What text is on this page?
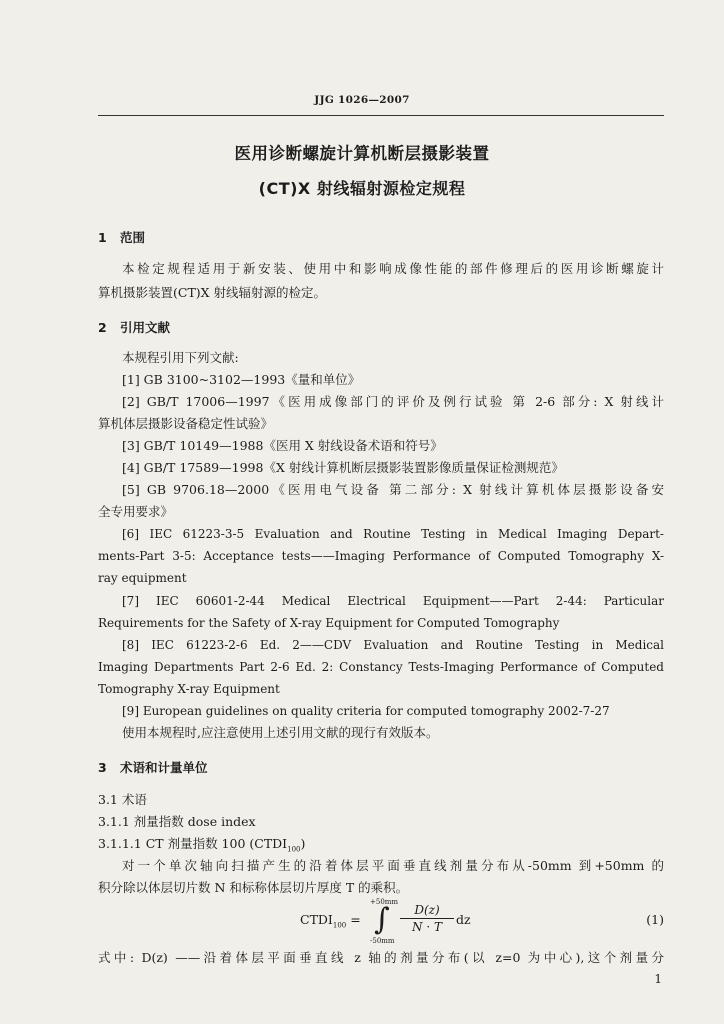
JJG 1026—2007
医用诊断螺旋计算机断层摄影装置
(CT)X 射线辐射源检定规程
1 范围
本检定规程适用于新安装、使用中和影响成像性能的部件修理后的医用诊断螺旋计
算机摄影装置(CT)X 射线辐射源的检定。
2 引用文献
本规程引用下列文献:
[1] GB 3100~3102—1993《量和单位》
[2] GB/T 17006—1997《医用成像部门的评价及例行试验 第 2-6 部分: X 射线计
算机体层摄影设备稳定性试验》
[3] GB/T 10149—1988《医用 X 射线设备术语和符号》
[4] GB/T 17589—1998《X 射线计算机断层摄影装置影像质量保证检测规范》
[5] GB 9706.18—2000《医用电气设备 第二部分: X 射线计算机体层摄影设备安
全专用要求》
[6] IEC 61223-3-5 Evaluation and Routine Testing in Medical Imaging Depart-
ments-Part 3-5: Acceptance tests——Imaging Performance of Computed Tomography X-
ray equipment
[7] IEC 60601-2-44 Medical Electrical Equipment——Part 2-44: Particular
Requirements for the Safety of X-ray Equipment for Computed Tomography
[8] IEC 61223-2-6 Ed. 2——CDV Evaluation and Routine Testing in Medical
Imaging Departments Part 2-6 Ed. 2: Constancy Tests-Imaging Performance of Computed
Tomography X-ray Equipment
[9] European guidelines on quality criteria for computed tomography 2002-7-27
使用本规程时,应注意使用上述引用文献的现行有效版本。
3 术语和计量单位
3.1 术语
3.1.1 剂量指数 dose index
3.1.1.1 CT 剂量指数 100 $(CTDI_{100})$
对一个单次轴向扫描产生的沿着体层平面垂直线剂量分布从-50mm 到+50mm 的
积分除以体层切片数 N 和标称体层切片厚度 T 的乘积。
$CTDI_{100}$ =
+50mm
∫
-50mm
$\frac{D(z)}{N \cdot T}$ dz	(1)
式中: D(z) ——沿着体层平面垂直线 z 轴的剂量分布(以 z=0 为中心),这个剂量分
1
